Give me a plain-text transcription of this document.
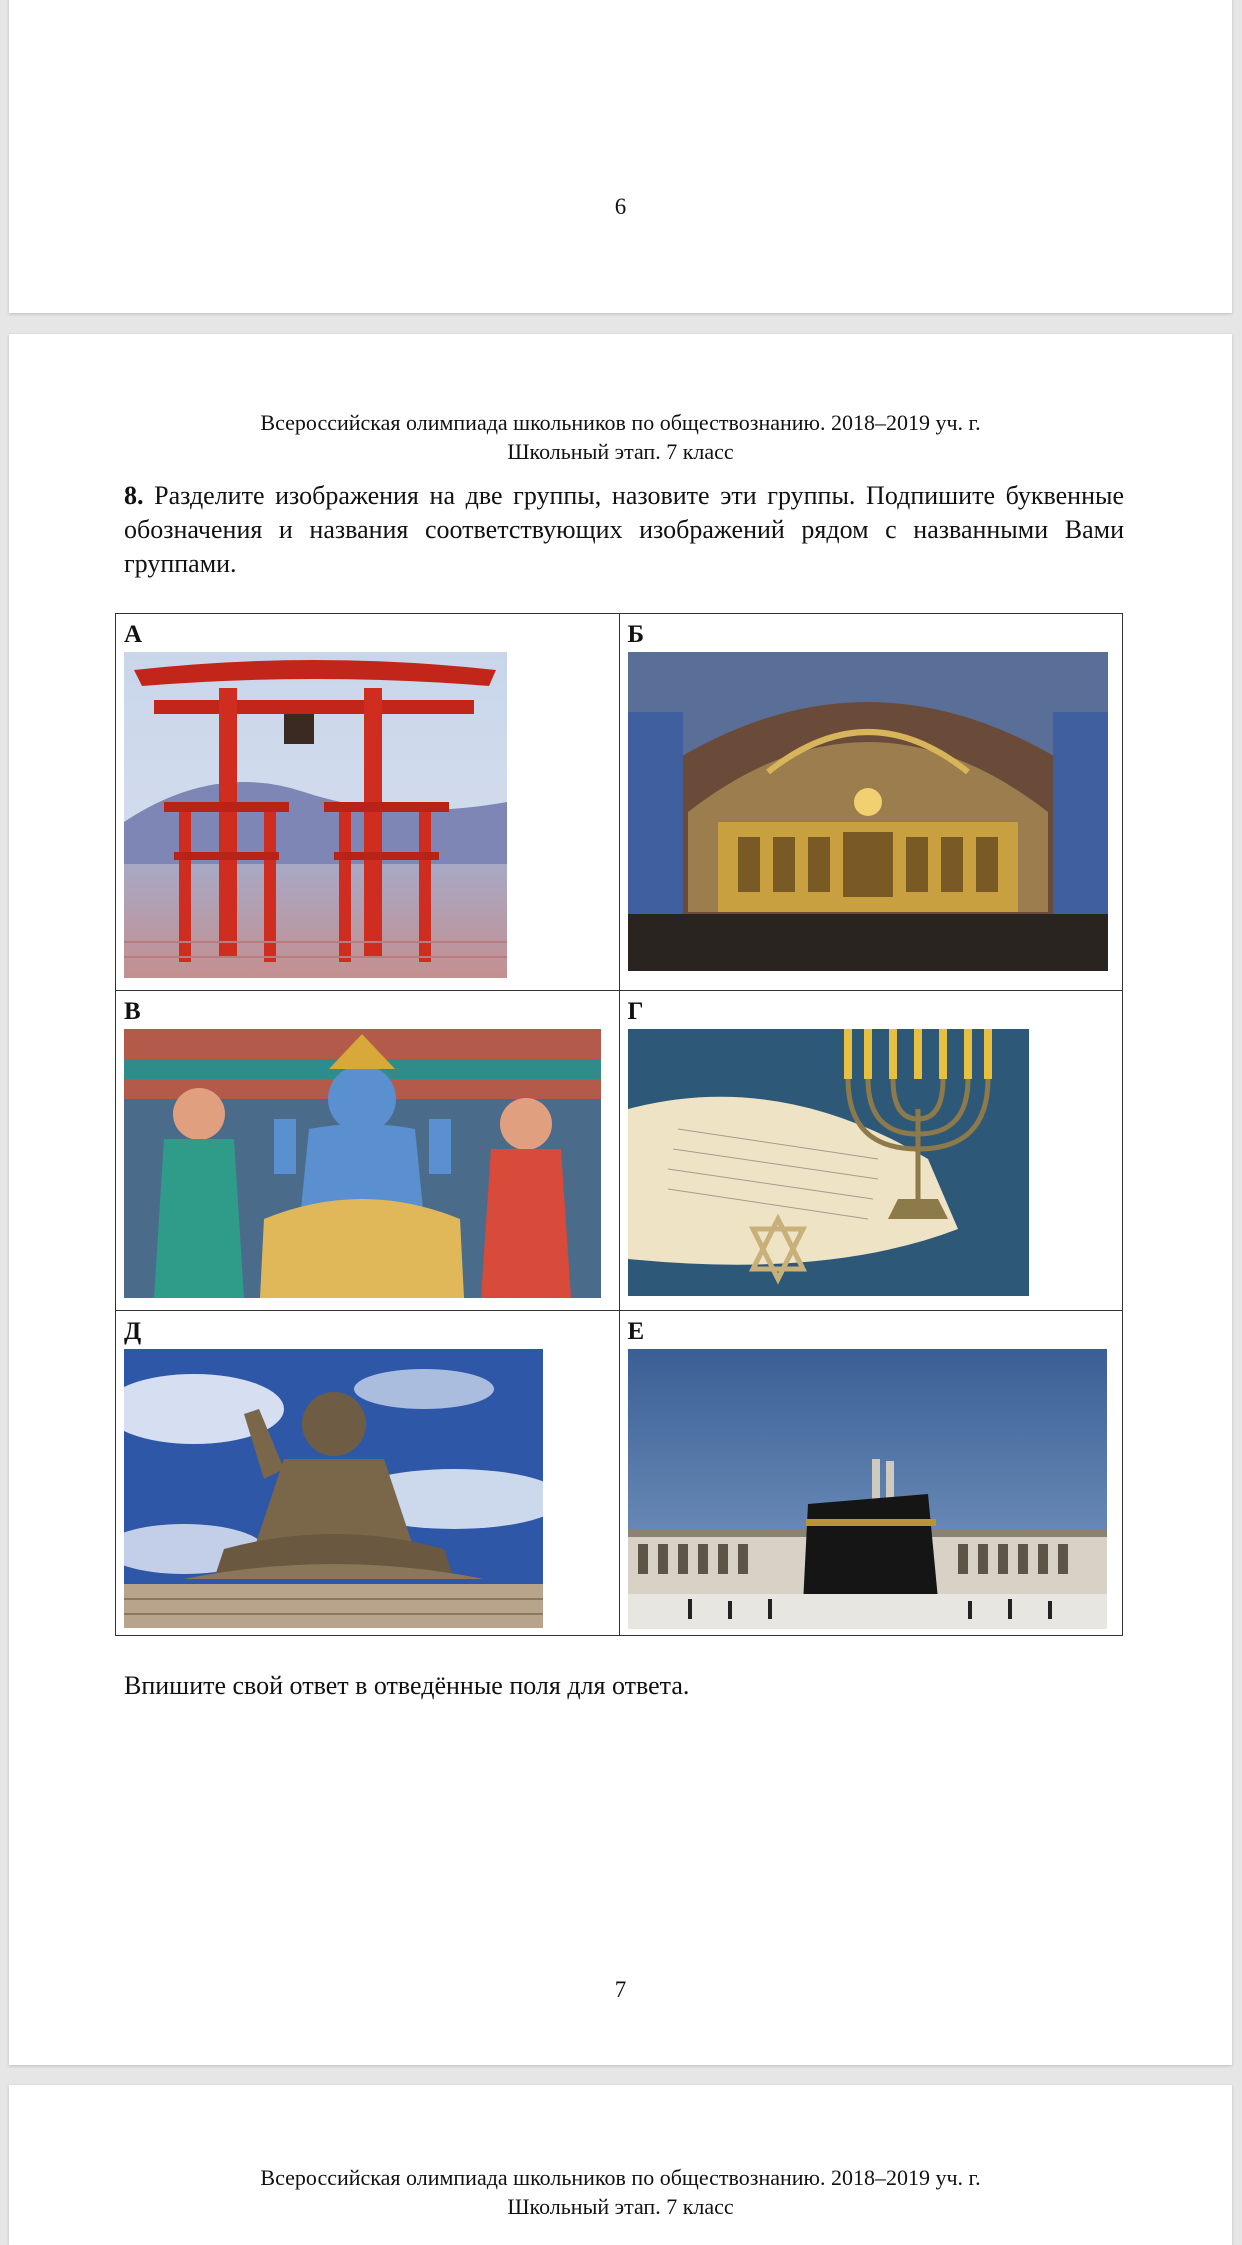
6
Всероссийская олимпиада школьников по обществознанию. 2018–2019 уч. г.
Школьный этап. 7 класс
8. Разделите изображения на две группы, назовите эти группы. Подпишите буквенные обозначения и названия соответствующих изображений рядом с названными Вами группами.
А	Б

В	Г

Д	Е
Впишите свой ответ в отведённые поля для ответа.
7
Всероссийская олимпиада школьников по обществознанию. 2018–2019 уч. г.
Школьный этап. 7 класс
